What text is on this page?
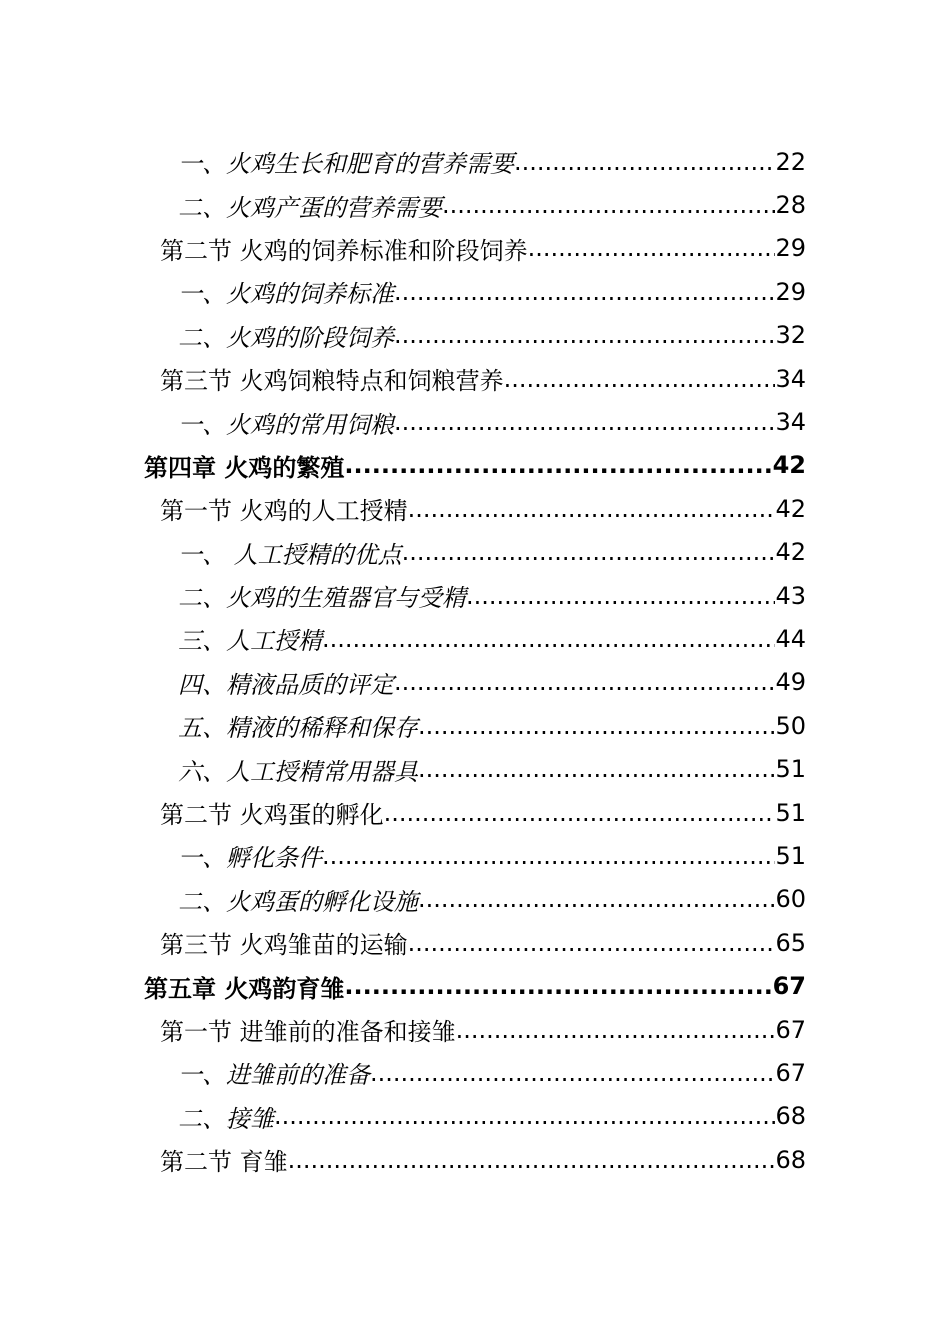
一、火鸡生长和肥育的营养需要 .....	22
二、火鸡产蛋的营养需要 .....	28
第二节 火鸡的饲养标准和阶段饲养 .....	29
一、火鸡的饲养标准 .....	29
二、火鸡的阶段饲养 .....	32
第三节 火鸡饲粮特点和饲粮营养 .....	34
一、火鸡的常用饲粮 .....	34
第四章 火鸡的繁殖 .....	42
第一节 火鸡的人工授精 .....	42
一、 人工授精的优点 .....	42
二、火鸡的生殖器官与受精 .....	43
三、人工授精 .....	44
四、精液品质的评定 .....	49
五、精液的稀释和保存 .....	50
六、人工授精常用器具 .....	51
第二节 火鸡蛋的孵化 .....	51
一、孵化条件 .....	51
二、火鸡蛋的孵化设施 .....	60
第三节 火鸡雏苗的运输 .....	65
第五章 火鸡韵育雏 .....	67
第一节 进雏前的准备和接雏 .....	67
一、进雏前的准备 .....	67
二、接雏 .....	68
第二节 育雏 .....	68
